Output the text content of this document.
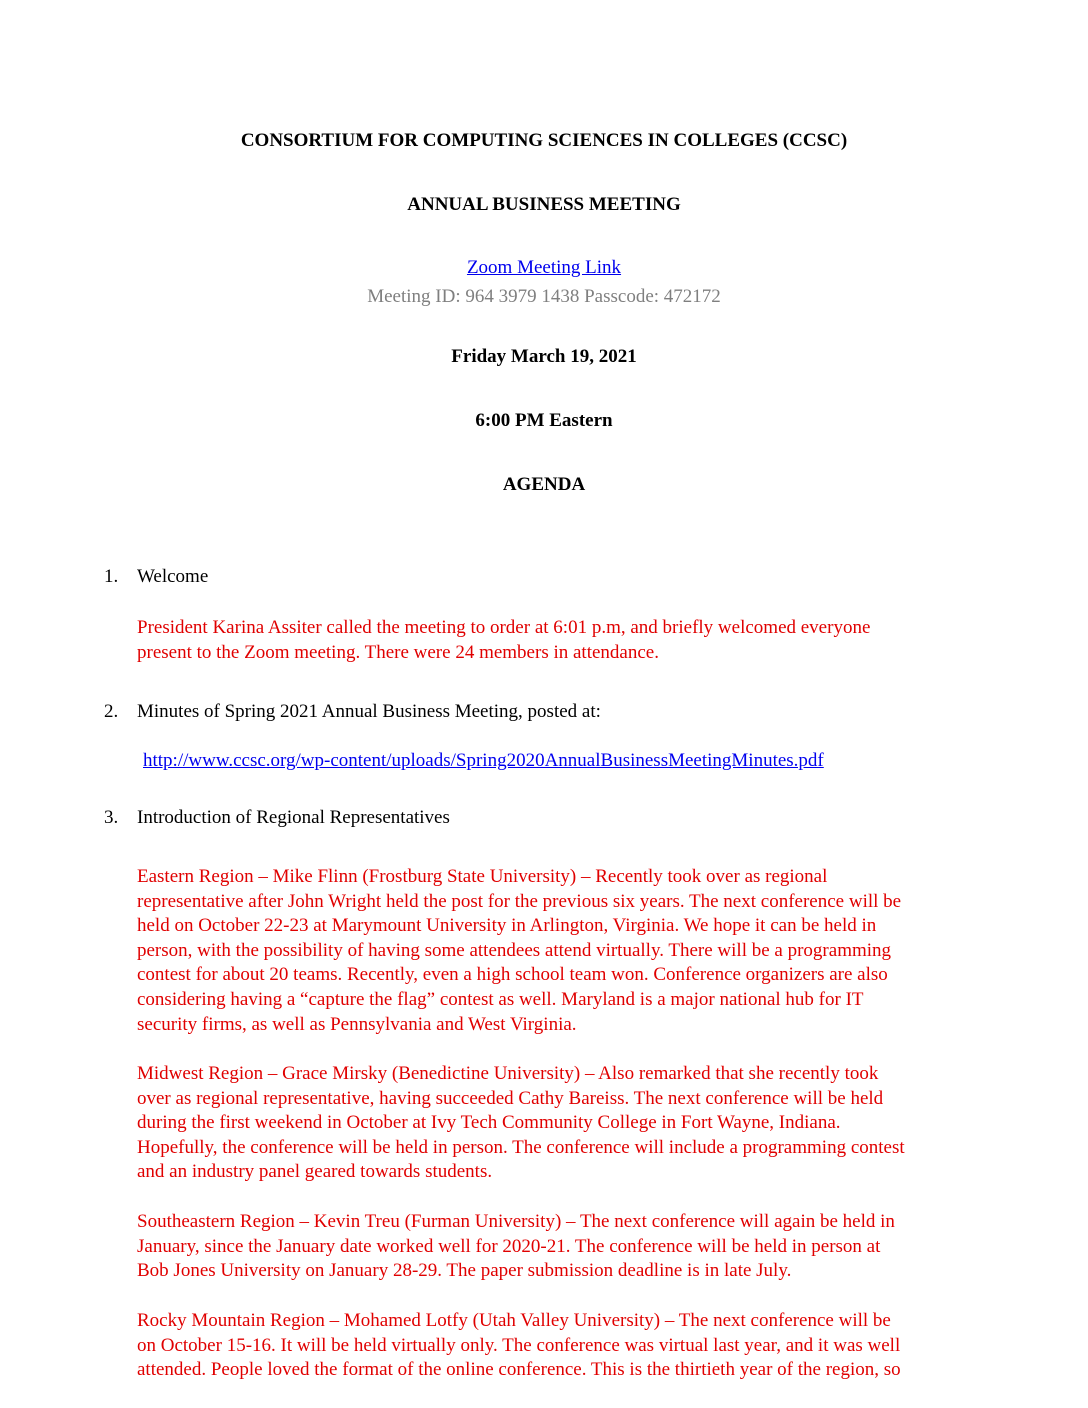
CONSORTIUM FOR COMPUTING SCIENCES IN COLLEGES (CCSC)
ANNUAL BUSINESS MEETING
Zoom Meeting Link
Meeting ID: 964 3979 1438 Passcode: 472172
Friday March 19, 2021
6:00 PM Eastern
AGENDA
1. Welcome
President Karina Assiter called the meeting to order at 6:01 p.m, and briefly welcomed everyone
present to the Zoom meeting. There were 24 members in attendance.
2. Minutes of Spring 2021 Annual Business Meeting, posted at:
http://www.ccsc.org/wp-content/uploads/Spring2020AnnualBusinessMeetingMinutes.pdf
3. Introduction of Regional Representatives
Eastern Region – Mike Flinn (Frostburg State University) – Recently took over as regional
representative after John Wright held the post for the previous six years. The next conference will be
held on October 22-23 at Marymount University in Arlington, Virginia. We hope it can be held in
person, with the possibility of having some attendees attend virtually. There will be a programming
contest for about 20 teams. Recently, even a high school team won. Conference organizers are also
considering having a “capture the flag” contest as well. Maryland is a major national hub for IT
security firms, as well as Pennsylvania and West Virginia.
Midwest Region – Grace Mirsky (Benedictine University) – Also remarked that she recently took
over as regional representative, having succeeded Cathy Bareiss. The next conference will be held
during the first weekend in October at Ivy Tech Community College in Fort Wayne, Indiana.
Hopefully, the conference will be held in person. The conference will include a programming contest
and an industry panel geared towards students.
Southeastern Region – Kevin Treu (Furman University) – The next conference will again be held in
January, since the January date worked well for 2020-21. The conference will be held in person at
Bob Jones University on January 28-29. The paper submission deadline is in late July.
Rocky Mountain Region – Mohamed Lotfy (Utah Valley University) – The next conference will be
on October 15-16. It will be held virtually only. The conference was virtual last year, and it was well
attended. People loved the format of the online conference. This is the thirtieth year of the region, so
